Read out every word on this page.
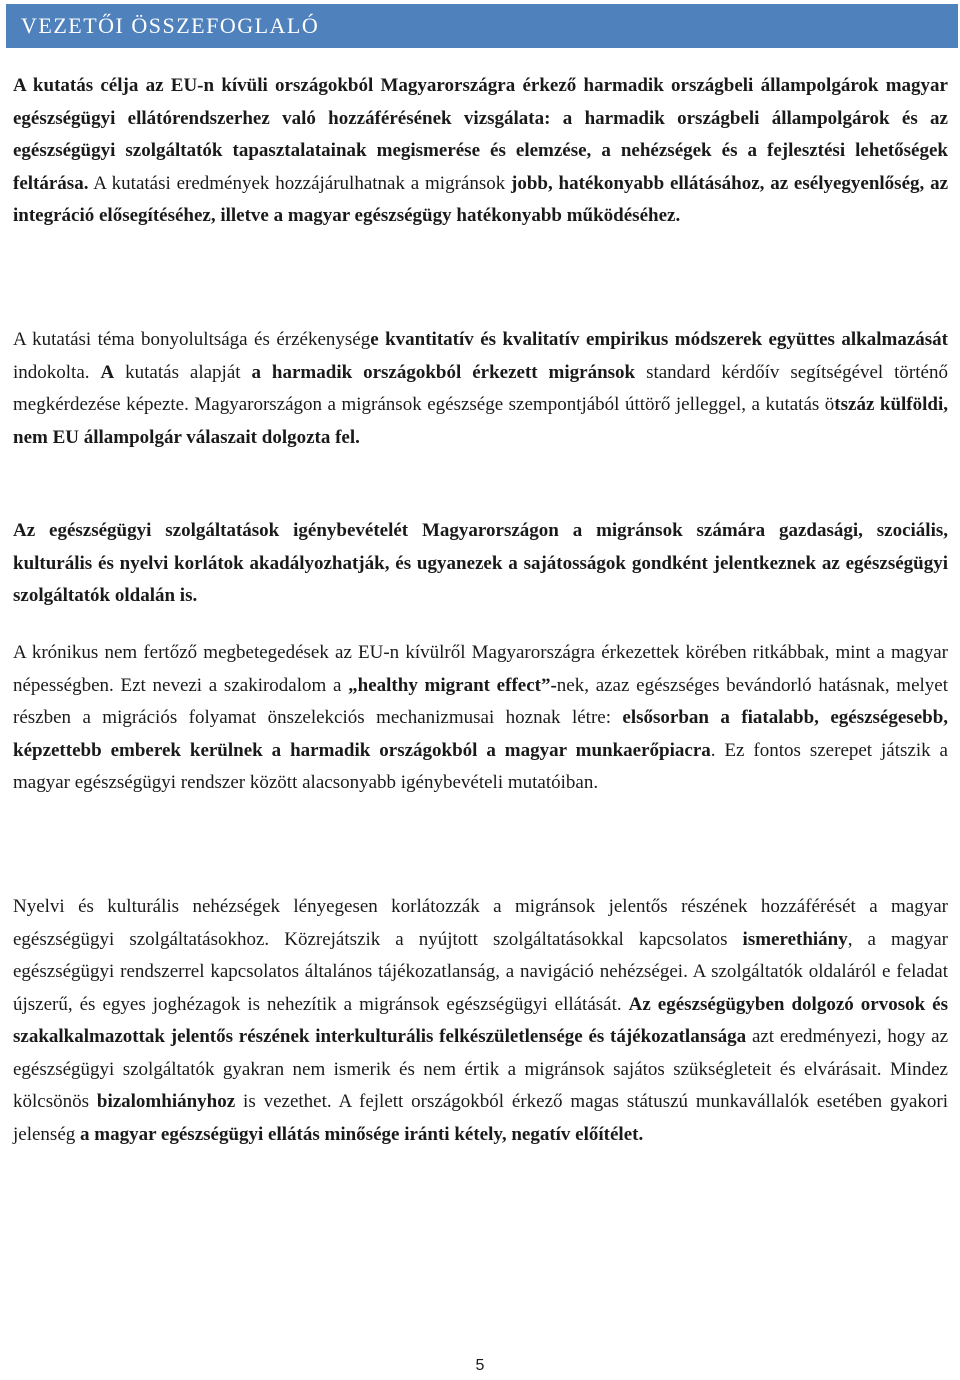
VEZETŐI ÖSSZEFOGLALÓ

A kutatás célja az EU-n kívüli országokból Magyarországra érkező harmadik országbeli állampolgárok magyar egészségügyi ellátórendszerhez való hozzáférésének vizsgálata: a harmadik országbeli állampolgárok és az egészségügyi szolgáltatók tapasztalatainak megismerése és elemzése, a nehézségek és a fejlesztési lehetőségek feltárása. A kutatási eredmények hozzájárulhatnak a migránsok jobb, hatékonyabb ellátásához, az esélyegyenlőség, az integráció elősegítéséhez, illetve a magyar egészségügy hatékonyabb működéséhez.

A kutatási téma bonyolultsága és érzékenysége kvantitatív és kvalitatív empirikus módszerek együttes alkalmazását indokolta. A kutatás alapját a harmadik országokból érkezett migránsok standard kérdőív segítségével történő megkérdezése képezte. Magyarországon a migránsok egészsége szempontjából úttörő jelleggel, a kutatás ötszáz külföldi, nem EU állampolgár válaszait dolgozta fel.

Az egészségügyi szolgáltatások igénybevételét Magyarországon a migránsok számára gazdasági, szociális, kulturális és nyelvi korlátok akadályozhatják, és ugyanezek a sajátosságok gondként jelentkeznek az egészségügyi szolgáltatók oldalán is.

A krónikus nem fertőző megbetegedések az EU-n kívülről Magyarországra érkezettek körében ritkábbak, mint a magyar népességben. Ezt nevezi a szakirodalom a „healthy migrant effect”-nek, azaz egészséges bevándorló hatásnak, melyet részben a migrációs folyamat önszelekciós mechanizmusai hoznak létre: elsősorban a fiatalabb, egészségesebb, képzettebb emberek kerülnek a harmadik országokból a magyar munkaerőpiacra. Ez fontos szerepet játszik a magyar egészségügyi rendszer között alacsonyabb igénybevételi mutatóiban.

Nyelvi és kulturális nehézségek lényegesen korlátozzák a migránsok jelentős részének hozzáférését a magyar egészségügyi szolgáltatásokhoz. Közrejátszik a nyújtott szolgáltatásokkal kapcsolatos ismerethiány, a magyar egészségügyi rendszerrel kapcsolatos általános tájékozatlanság, a navigáció nehézségei. A szolgáltatók oldaláról e feladat újszerű, és egyes joghézagok is nehezítik a migránsok egészségügyi ellátását. Az egészségügyben dolgozó orvosok és szakalkalmazottak jelentős részének interkulturális felkészületlensége és tájékozatlansága azt eredményezi, hogy az egészségügyi szolgáltatók gyakran nem ismerik és nem értik a migránsok sajátos szükségleteit és elvárásait. Mindez kölcsönös bizalomhiányhoz is vezethet. A fejlett országokból érkező magas státuszú munkavállalók esetében gyakori jelenség a magyar egészségügyi ellátás minősége iránti kétely, negatív előítélet.

5
